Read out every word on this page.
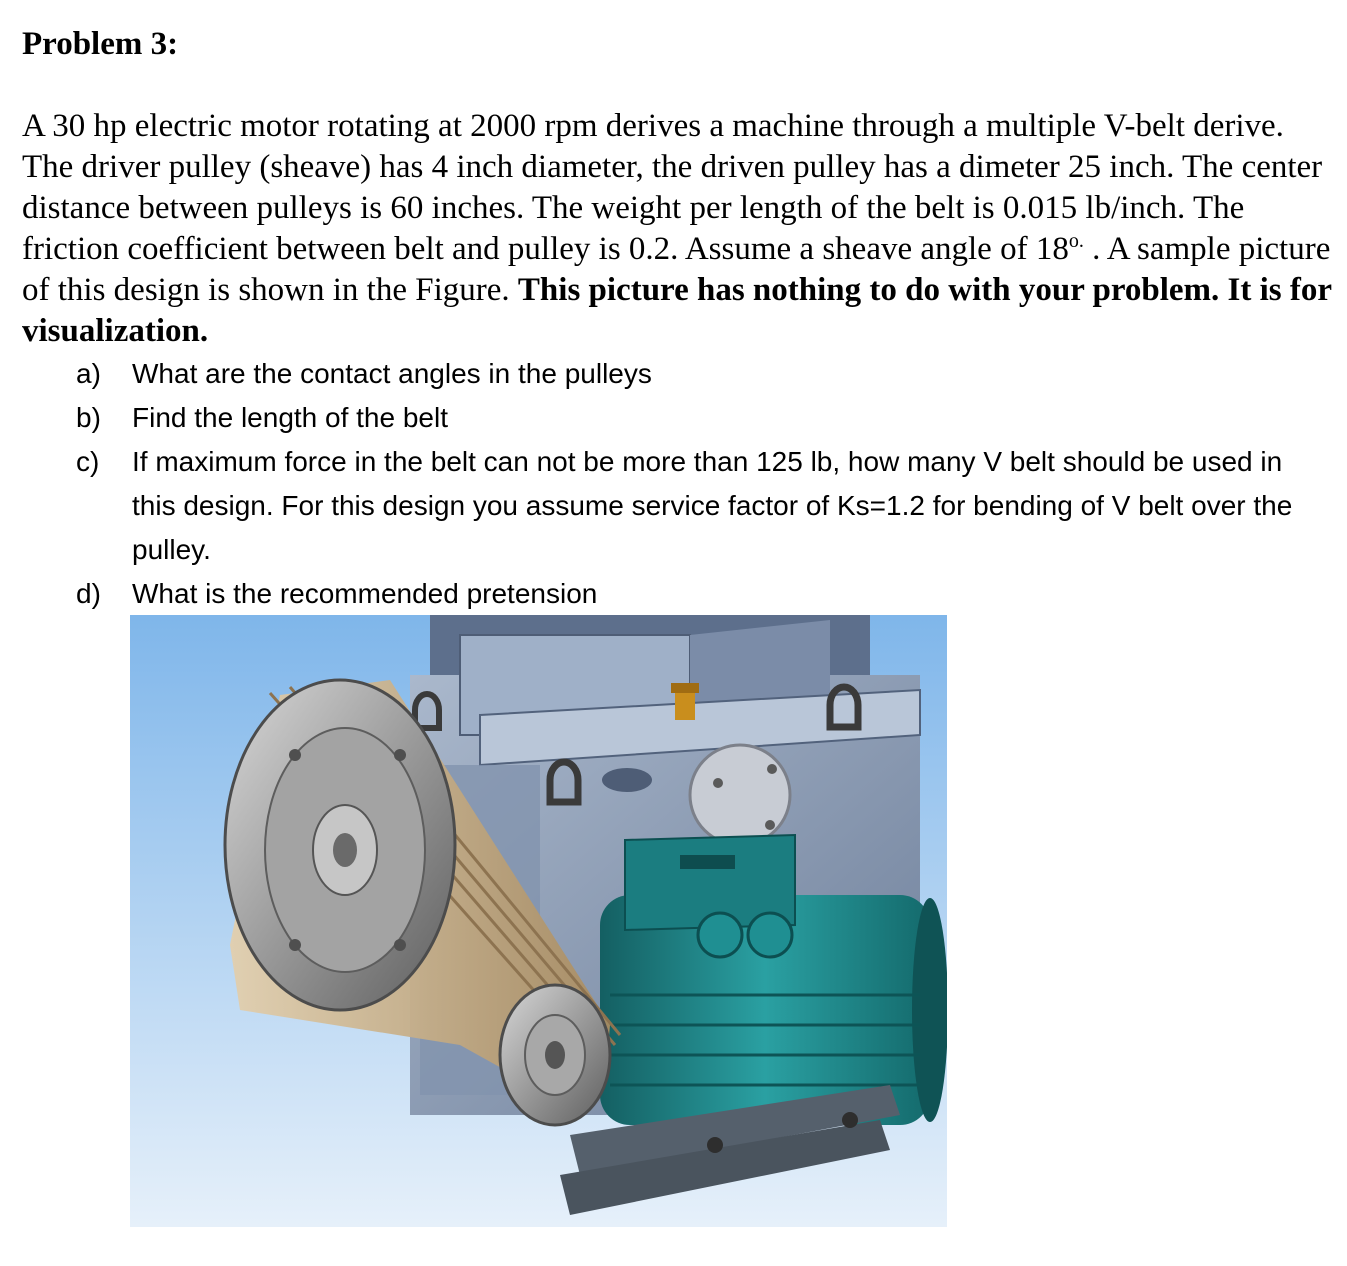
Problem 3:

A 30 hp electric motor rotating at 2000 rpm derives a machine through a multiple V-belt derive. The driver pulley (sheave) has 4 inch diameter, the driven pulley has a dimeter 25 inch. The center distance between pulleys is 60 inches. The weight per length of the belt is 0.015 lb/inch. The friction coefficient between belt and pulley is 0.2. Assume a sheave angle of $18^{o.}$ . A sample picture of this design is shown in the Figure. This picture has nothing to do with your problem. It is for visualization.

a)	What are the contact angles in the pulleys
b)	Find the length of the belt
c)	If maximum force in the belt can not be more than 125 lb, how many V belt should be used in this design. For this design you assume service factor of Ks=1.2 for bending of V belt over the pulley.
d)	What is the recommended pretension
